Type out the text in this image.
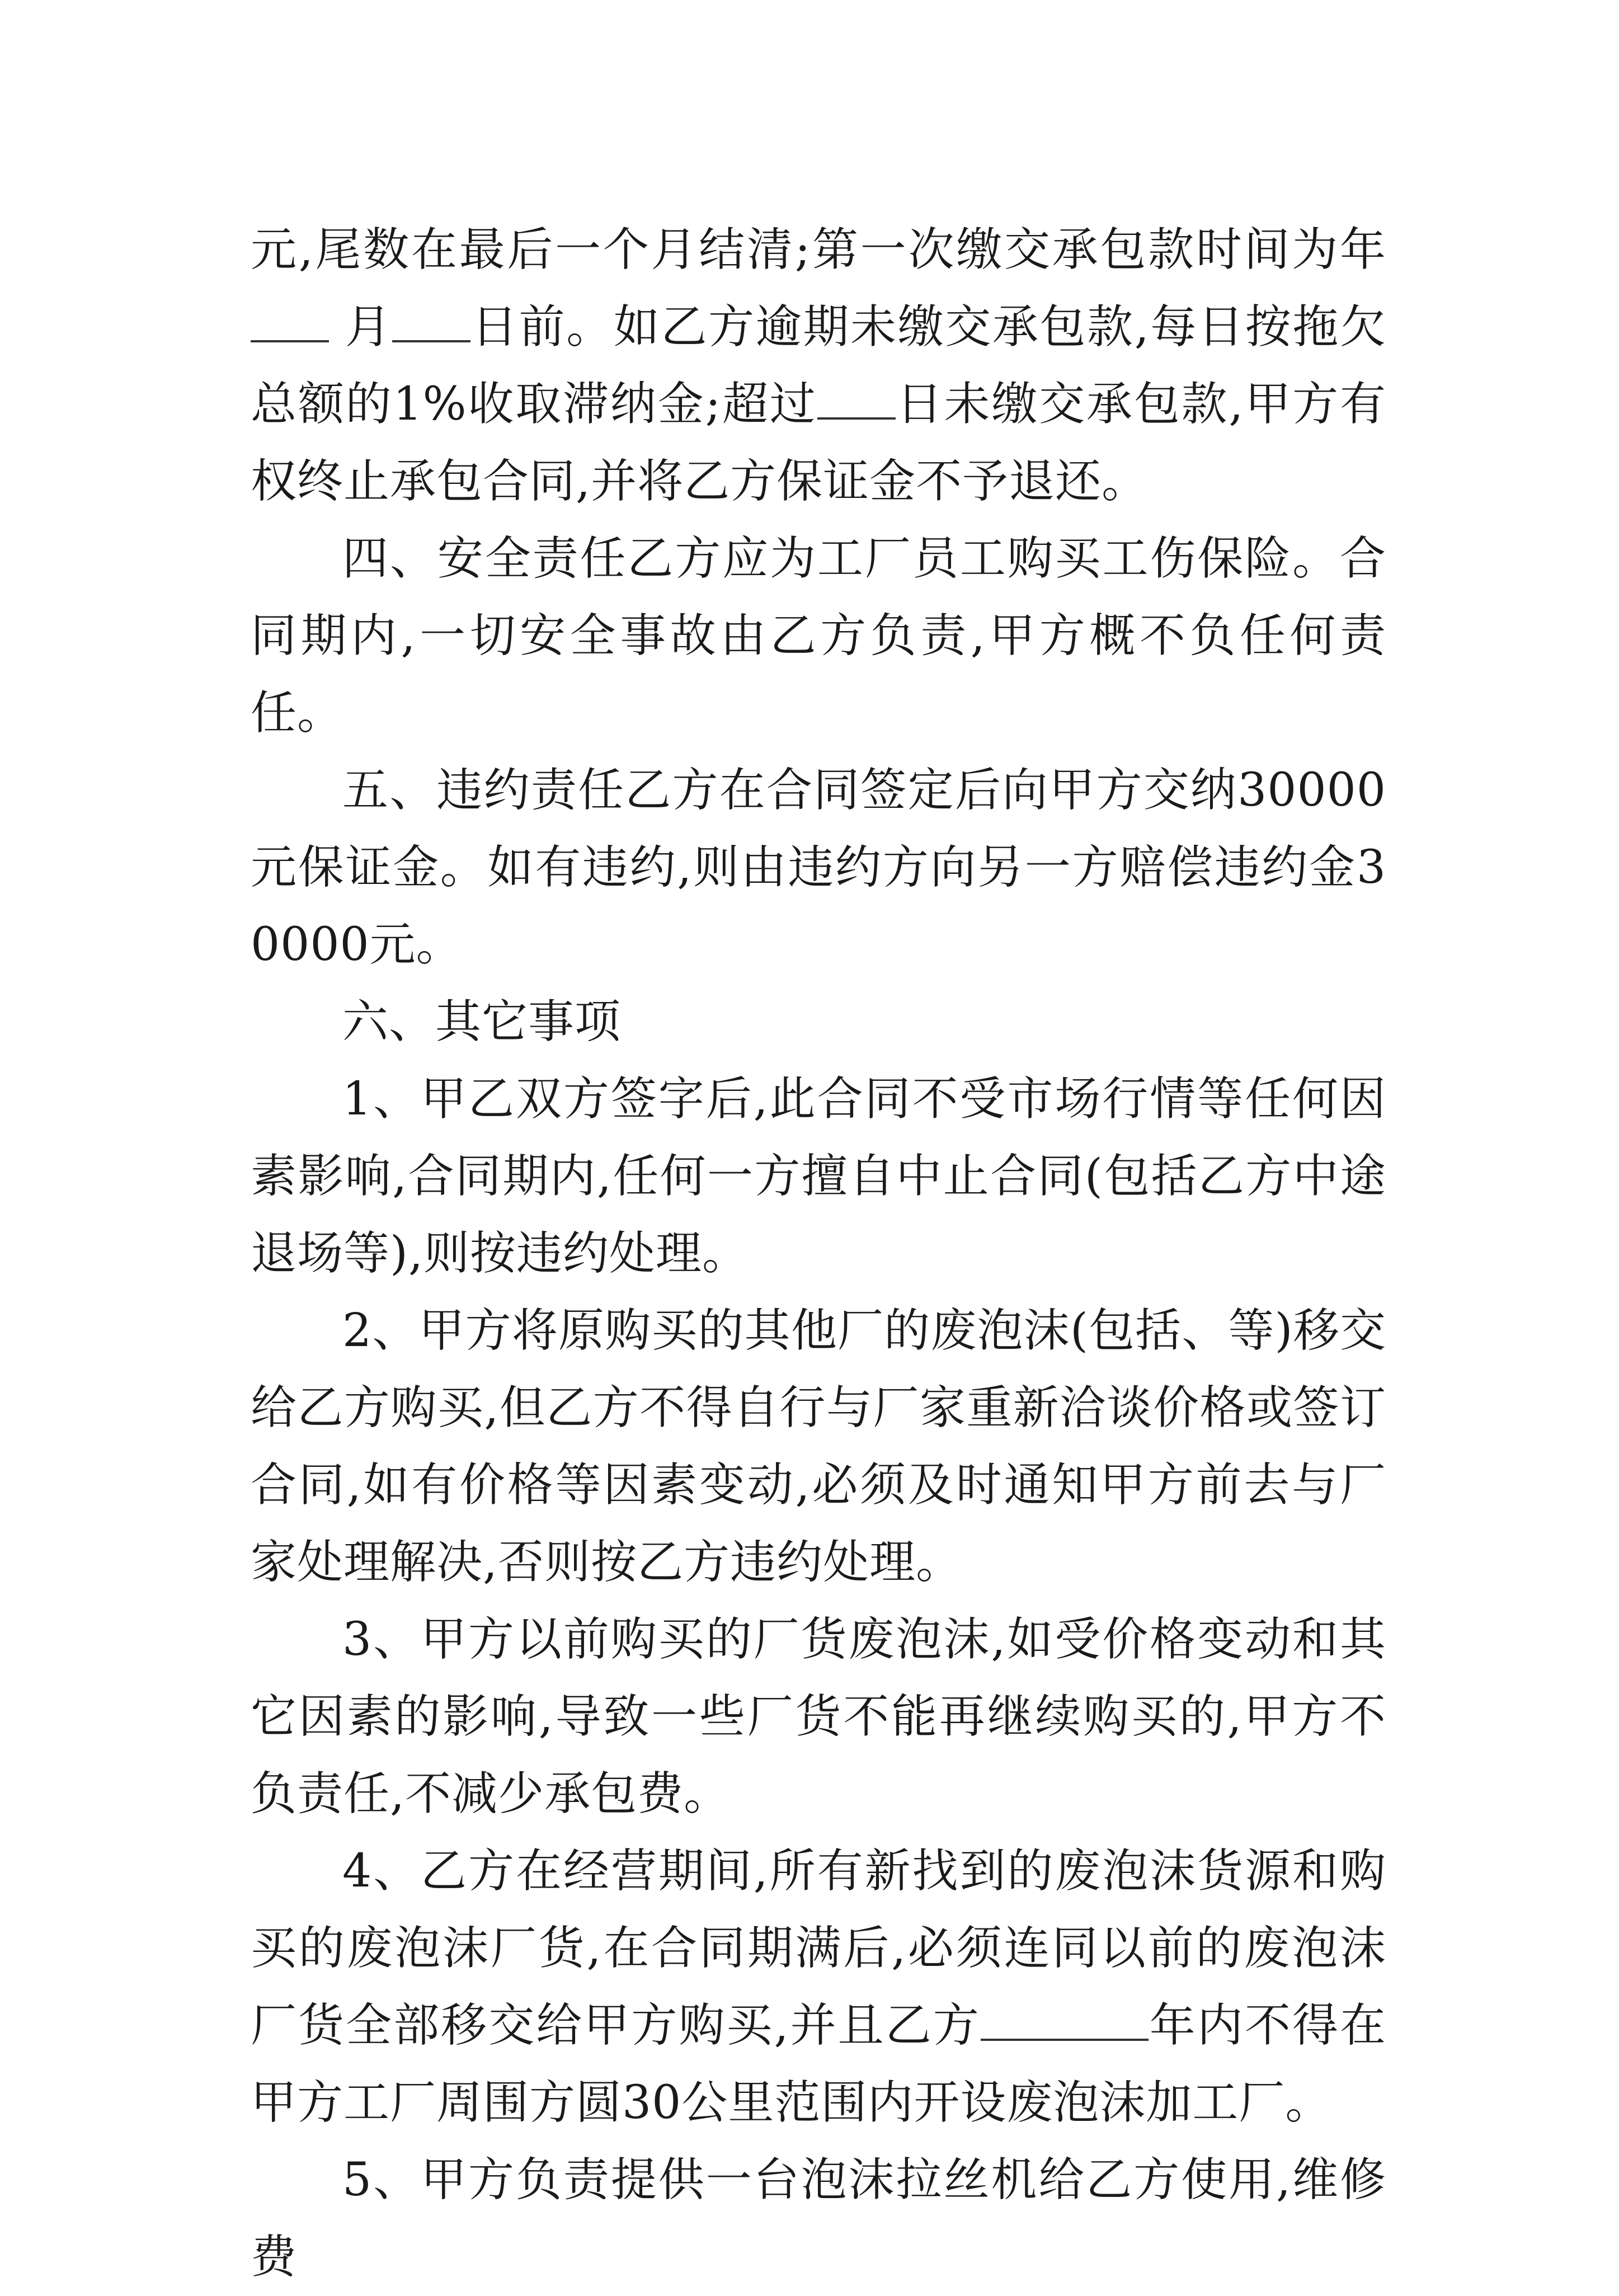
元,尾数在最后一个月结清;第一次缴交承包款时间为年 月 日前。如乙方逾期未缴交承包款,每日按拖欠总额的1%收取滞纳金;超过 日未缴交承包款,甲方有权终止承包合同,并将乙方保证金不予退还。

四、安全责任乙方应为工厂员工购买工伤保险。合同期内,一切安全事故由乙方负责,甲方概不负任何责任。

五、违约责任乙方在合同签定后向甲方交纳30000元保证金。如有违约,则由违约方向另一方赔偿违约金30000元。

六、其它事项

1、甲乙双方签字后,此合同不受市场行情等任何因素影响,合同期内,任何一方擅自中止合同(包括乙方中途退场等),则按违约处理。

2、甲方将原购买的其他厂的废泡沫(包括、等)移交给乙方购买,但乙方不得自行与厂家重新洽谈价格或签订合同,如有价格等因素变动,必须及时通知甲方前去与厂家处理解决,否则按乙方违约处理。

3、甲方以前购买的厂货废泡沫,如受价格变动和其它因素的影响,导致一些厂货不能再继续购买的,甲方不负责任,不减少承包费。

4、乙方在经营期间,所有新找到的废泡沫货源和购买的废泡沫厂货,在合同期满后,必须连同以前的废泡沫厂货全部移交给甲方购买,并且乙方	年内不得在甲方工厂周围方圆30公里范围内开设废泡沫加工厂。

5、甲方负责提供一台泡沫拉丝机给乙方使用,维修费
